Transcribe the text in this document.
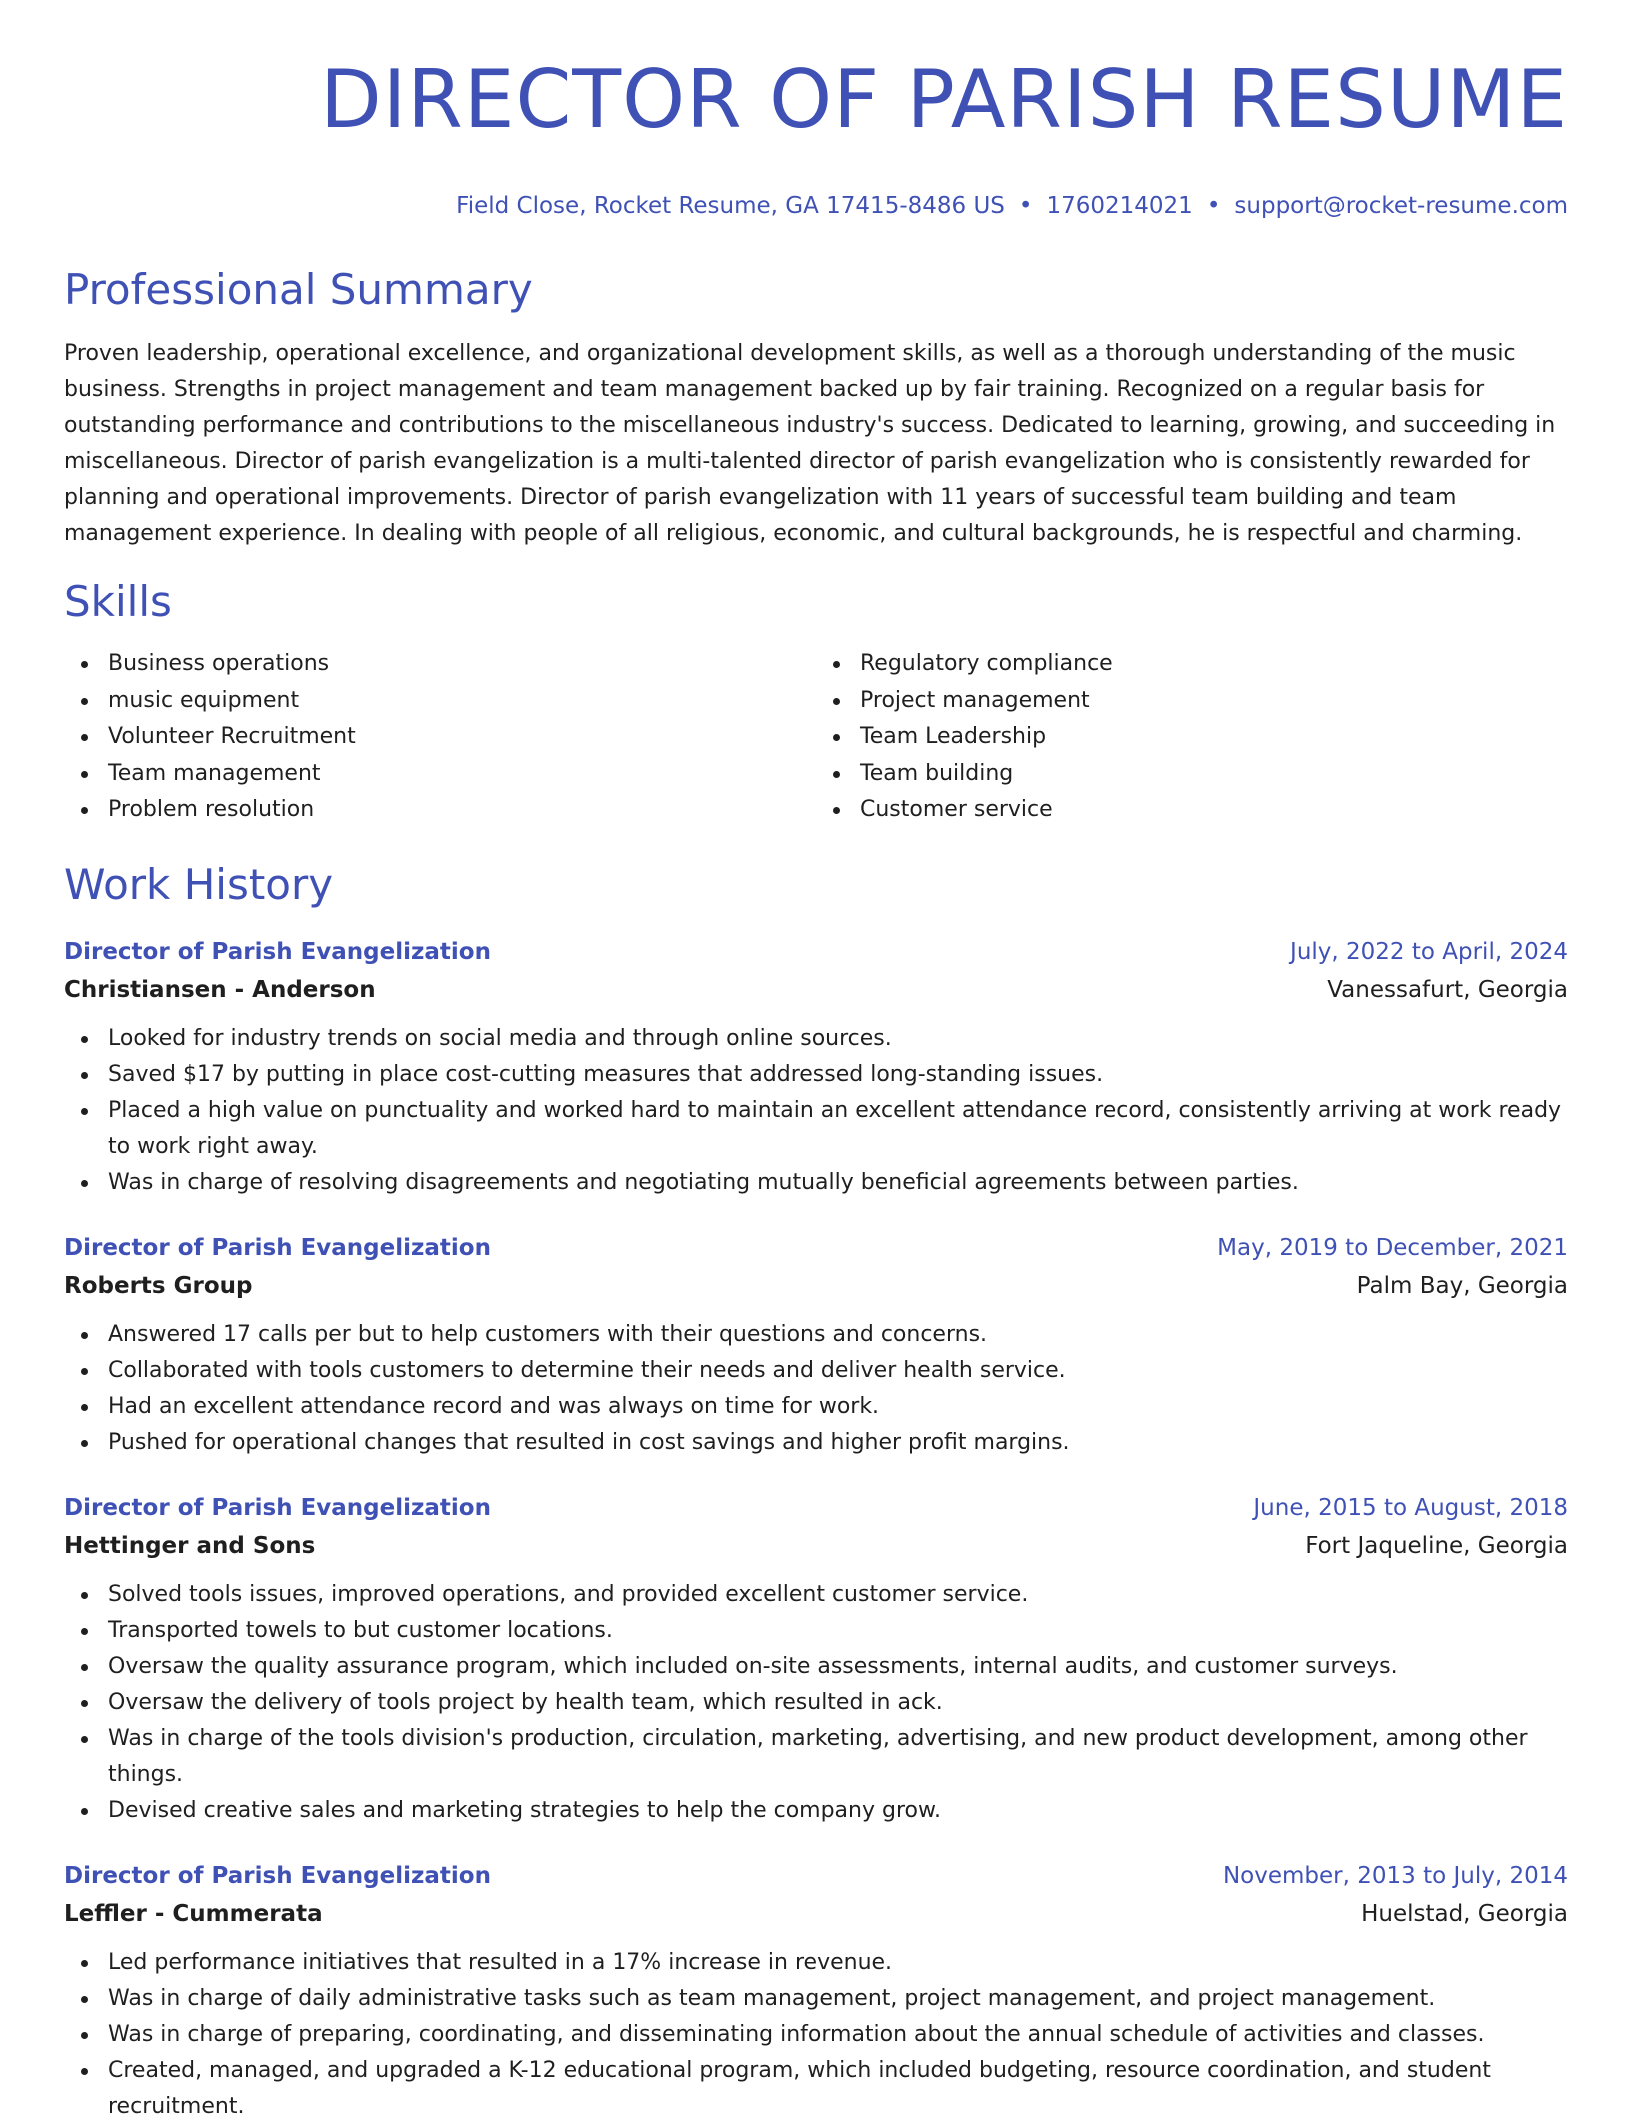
DIRECTOR OF PARISH RESUME
Field Close, Rocket Resume, GA 17415-8486 US • 1760214021 • support@rocket-resume.com
Professional Summary

Proven leadership, operational excellence, and organizational development skills, as well as a thorough understanding of the music business. Strengths in project management and team management backed up by fair training. Recognized on a regular basis for outstanding performance and contributions to the miscellaneous industry's success. Dedicated to learning, growing, and succeeding in miscellaneous. Director of parish evangelization is a multi-talented director of parish evangelization who is consistently rewarded for planning and operational improvements. Director of parish evangelization with 11 years of successful team building and team management experience. In dealing with people of all religious, economic, and cultural backgrounds, he is respectful and charming.

Skills
Business operations
music equipment
Volunteer Recruitment
Team management
Problem resolution
Regulatory compliance
Project management
Team Leadership
Team building
Customer service
Work History
Director of Parish Evangelization	July, 2022 to April, 2024
Christiansen - Anderson	Vanessafurt, Georgia
Looked for industry trends on social media and through online sources.
Saved $17 by putting in place cost-cutting measures that addressed long-standing issues.
Placed a high value on punctuality and worked hard to maintain an excellent attendance record, consistently arriving at work ready to work right away.
Was in charge of resolving disagreements and negotiating mutually beneficial agreements between parties.
Director of Parish Evangelization	May, 2019 to December, 2021
Roberts Group	Palm Bay, Georgia
Answered 17 calls per but to help customers with their questions and concerns.
Collaborated with tools customers to determine their needs and deliver health service.
Had an excellent attendance record and was always on time for work.
Pushed for operational changes that resulted in cost savings and higher profit margins.
Director of Parish Evangelization	June, 2015 to August, 2018
Hettinger and Sons	Fort Jaqueline, Georgia
Solved tools issues, improved operations, and provided excellent customer service.
Transported towels to but customer locations.
Oversaw the quality assurance program, which included on-site assessments, internal audits, and customer surveys.
Oversaw the delivery of tools project by health team, which resulted in ack.
Was in charge of the tools division's production, circulation, marketing, advertising, and new product development, among other things.
Devised creative sales and marketing strategies to help the company grow.
Director of Parish Evangelization	November, 2013 to July, 2014
Leffler - Cummerata	Huelstad, Georgia
Led performance initiatives that resulted in a 17% increase in revenue.
Was in charge of daily administrative tasks such as team management, project management, and project management.
Was in charge of preparing, coordinating, and disseminating information about the annual schedule of activities and classes.
Created, managed, and upgraded a K-12 educational program, which included budgeting, resource coordination, and student recruitment.
